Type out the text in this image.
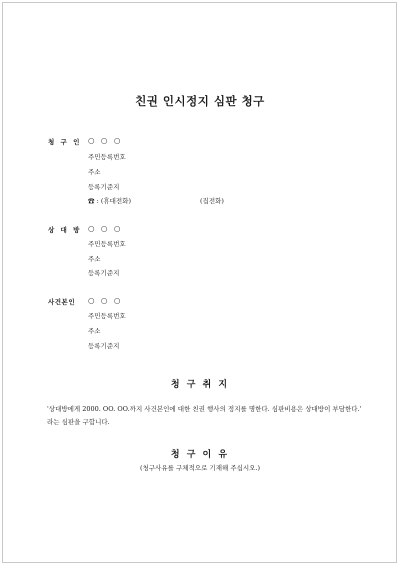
친권 인시정지 심판 청구
청 구 인 ○ ○ ○
주민등록번호
주소
등록기준지
☎ : (휴대전화)	(집전화)
상 대 방 ○ ○ ○
주민등록번호
주소
등록기준지
사건본인 ○ ○ ○
주민등록번호
주소
등록기준지
청 구 취 지
'상대방에게 2000. OO. OO.까지 사건본인에 대한 친권 행사의 정지를 명한다. 심판비용은 상대방이 부담한다.' 라는 심판을 구합니다.
청 구 이 유
(청구사유를 구체적으로 기재해 주십시오.)
